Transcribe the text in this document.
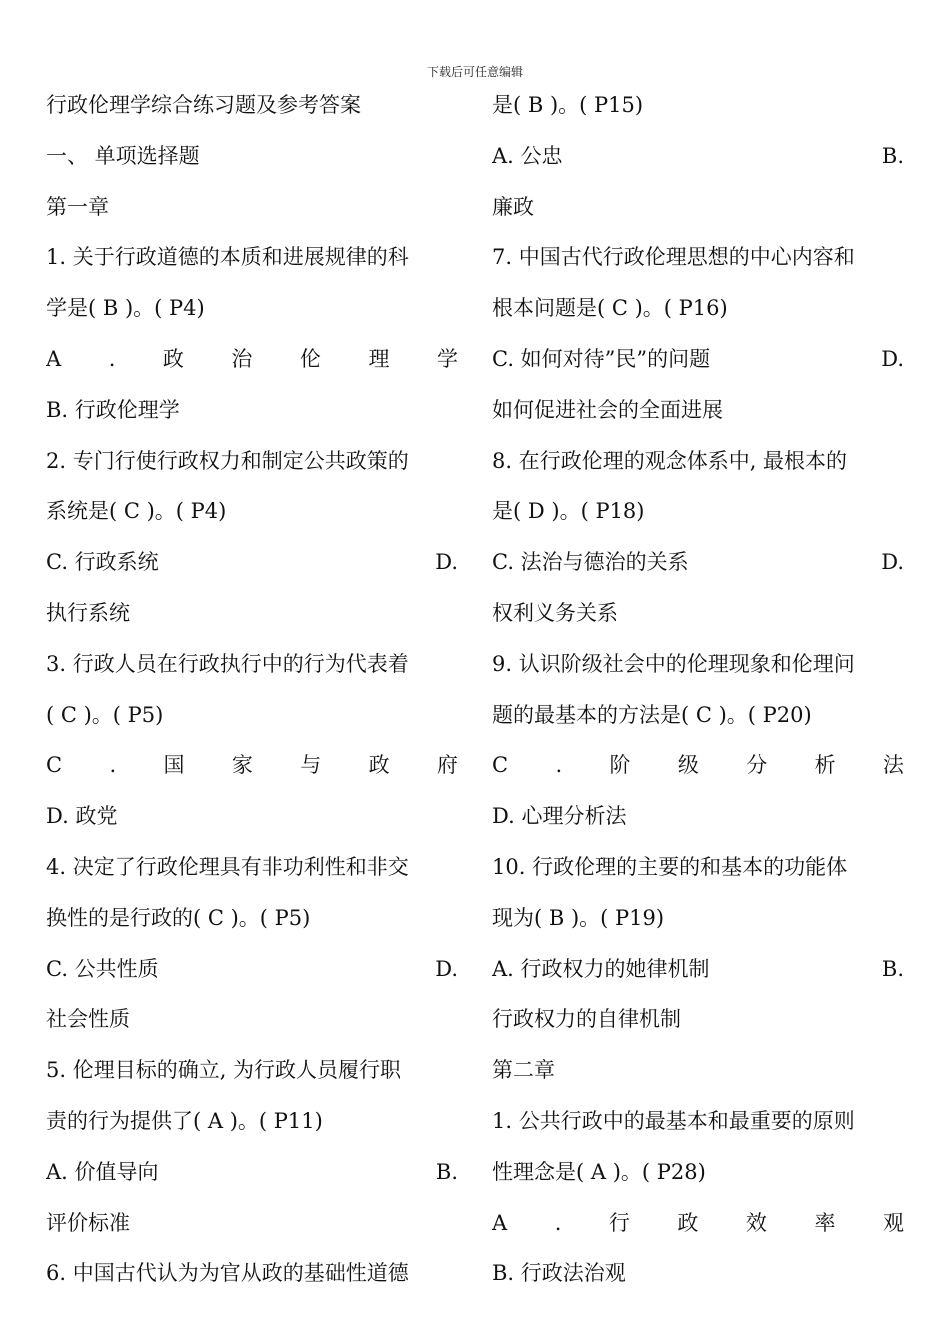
下载后可任意编辑
行政伦理学综合练习题及参考答案
一、 单项选择题
第一章
1. 关于行政道德的本质和进展规律的科
学是( B )。( P4)
A . 政 治 伦 理 学
B. 行政伦理学
2. 专门行使行政权力和制定公共政策的
系统是( C )。( P4)
C. 行政系统	D.
执行系统
3. 行政人员在行政执行中的行为代表着
( C )。( P5)
C . 国 家 与 政 府
D. 政党
4. 决定了行政伦理具有非功利性和非交
换性的是行政的( C )。( P5)
C. 公共性质	D.
社会性质
5. 伦理目标的确立, 为行政人员履行职
责的行为提供了( A )。( P11)
A. 价值导向	B.
评价标准
6. 中国古代认为为官从政的基础性道德
是( B )。( P15)
A. 公忠	B.
廉政
7. 中国古代行政伦理思想的中心内容和
根本问题是( C )。( P16)
C. 如何对待”民”的问题	D.
如何促进社会的全面进展
8. 在行政伦理的观念体系中, 最根本的
是( D )。( P18)
C. 法治与德治的关系	D.
权利义务关系
9. 认识阶级社会中的伦理现象和伦理问
题的最基本的方法是( C )。( P20)
C . 阶 级 分 析 法
D. 心理分析法
10. 行政伦理的主要的和基本的功能体
现为( B )。( P19)
A. 行政权力的她律机制	B.
行政权力的自律机制
第二章
1. 公共行政中的最基本和最重要的原则
性理念是( A )。( P28)
A . 行 政 效 率 观
B. 行政法治观
